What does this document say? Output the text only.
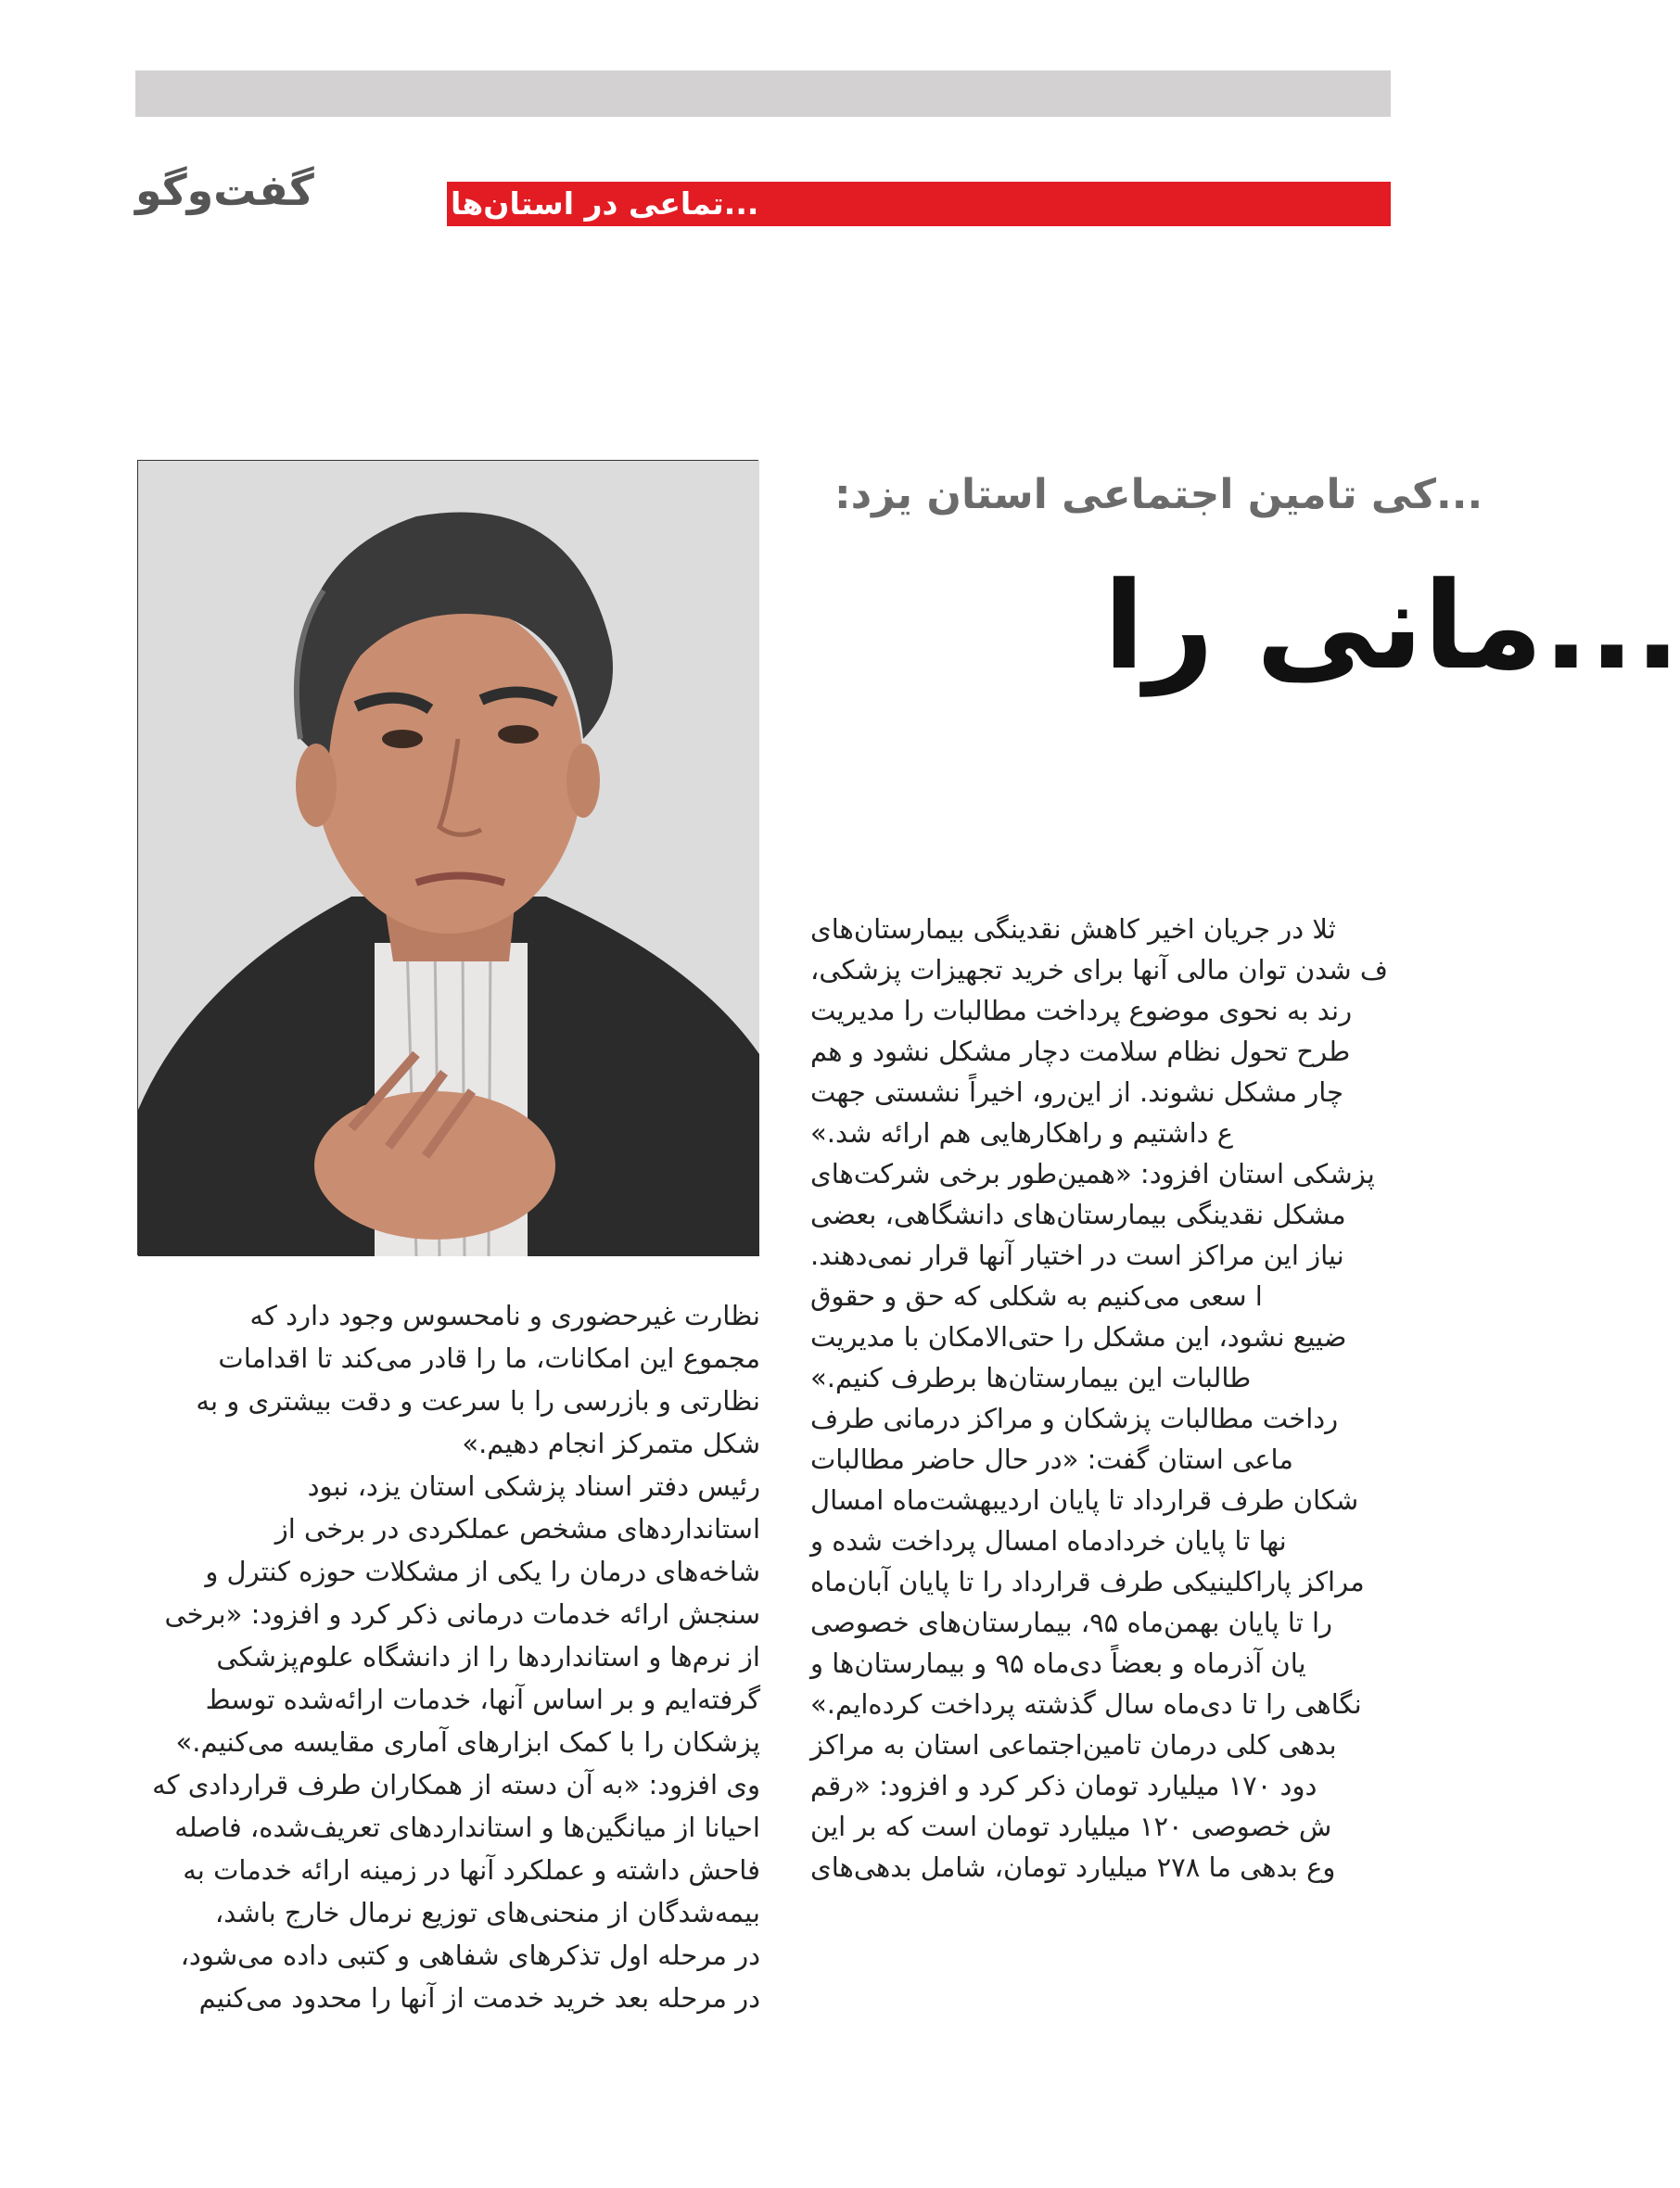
گفت‌وگو	...تماعی در استان‌ها
...کی تامین اجتماعی استان یزد:
...مانی را
ثلا در جریان اخیر کاهش نقدینگی بیمارستان‌های
ف شدن توان مالی آنها برای خرید تجهیزات پزشکی،
رند به نحوی موضوع پرداخت مطالبات را مدیریت
طرح تحول نظام سلامت دچار مشکل نشود و هم
چار مشکل نشوند. از این‌رو، اخیراً نشستی جهت
ع داشتیم و راهکارهایی هم ارائه شد.»
پزشکی استان افزود: «همین‌طور برخی شرکت‌های
مشکل نقدینگی بیمارستان‌های دانشگاهی، بعضی
نیاز این مراکز است در اختیار آنها قرار نمی‌دهند.
ا سعی می‌کنیم به شکلی که حق و حقوق
ضییع نشود، این مشکل را حتی‌الامکان با مدیریت
طالبات این بیمارستان‌ها برطرف کنیم.»
رداخت مطالبات پزشکان و مراکز درمانی طرف
ماعی استان گفت: «در حال حاضر مطالبات
شکان طرف قرارداد تا پایان اردیبهشت‌ماه امسال
نها تا پایان خردادماه امسال پرداخت شده و
مراکز پاراکلینیکی طرف قرارداد را تا پایان آبان‌ماه
را تا پایان بهمن‌ماه ۹۵، بیمارستان‌های خصوصی
یان آذرماه و بعضاً دی‌ماه ۹۵ و بیمارستان‌ها و
نگاهی را تا دی‌ماه سال گذشته پرداخت کرده‌ایم.»
بدهی کلی درمان تامین‌اجتماعی استان به مراکز
دود ۱۷۰ میلیارد تومان ذکر کرد و افزود: «رقم
ش خصوصی ۱۲۰ میلیارد تومان است که بر این
وع بدهی ما ۲۷۸ میلیارد تومان، شامل بدهی‌های
نظارت غیرحضوری و نامحسوس وجود دارد که
مجموع این امکانات، ما را قادر می‌کند تا اقدامات
نظارتی و بازرسی را با سرعت و دقت بیشتری و به
شکل متمرکز انجام دهیم.»
رئیس دفتر اسناد پزشکی استان یزد، نبود
استانداردهای مشخص عملکردی در برخی از
شاخه‌های درمان را یکی از مشکلات حوزه کنترل و
سنجش ارائه خدمات درمانی ذکر کرد و افزود: «برخی
از نرم‌ها و استانداردها را از دانشگاه علوم‌پزشکی
گرفته‌ایم و بر اساس آنها، خدمات ارائه‌شده توسط
پزشکان را با کمک ابزارهای آماری مقایسه می‌کنیم.»
وی افزود: «به آن دسته از همکاران طرف قراردادی که
احیانا از میانگین‌ها و استانداردهای تعریف‌شده، فاصله
فاحش داشته و عملکرد آنها در زمینه ارائه خدمات به
بیمه‌شدگان از منحنی‌های توزیع نرمال خارج باشد،
در مرحله اول تذکرهای شفاهی و کتبی داده می‌شود،
در مرحله بعد خرید خدمت از آنها را محدود می‌کنیم
